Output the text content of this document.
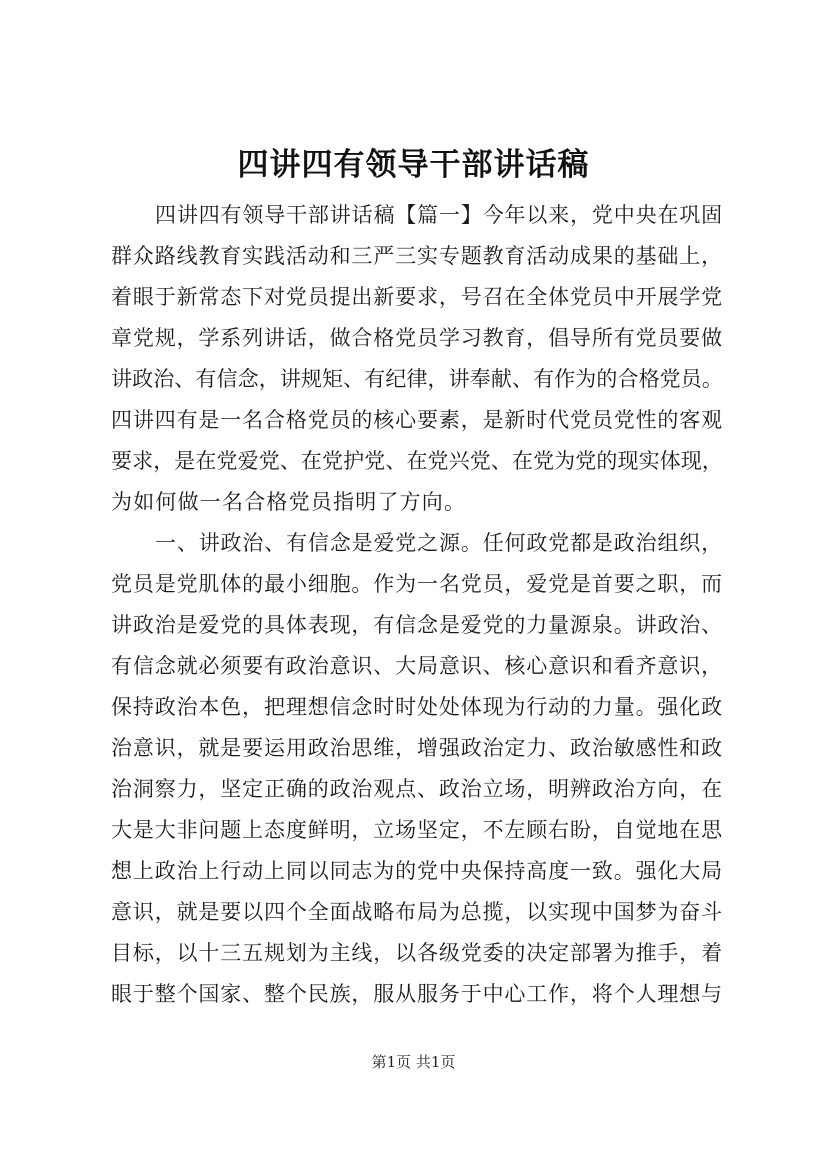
四讲四有领导干部讲话稿

四讲四有领导干部讲话稿【篇一】今年以来，党中央在巩固
群众路线教育实践活动和三严三实专题教育活动成果的基础上，
着眼于新常态下对党员提出新要求，号召在全体党员中开展学党
章党规，学系列讲话，做合格党员学习教育，倡导所有党员要做
讲政治、有信念，讲规矩、有纪律，讲奉献、有作为的合格党员。
四讲四有是一名合格党员的核心要素，是新时代党员党性的客观
要求，是在党爱党、在党护党、在党兴党、在党为党的现实体现，
为如何做一名合格党员指明了方向。

一、讲政治、有信念是爱党之源。任何政党都是政治组织，
党员是党肌体的最小细胞。作为一名党员，爱党是首要之职，而
讲政治是爱党的具体表现，有信念是爱党的力量源泉。讲政治、
有信念就必须要有政治意识、大局意识、核心意识和看齐意识，
保持政治本色，把理想信念时时处处体现为行动的力量。强化政
治意识，就是要运用政治思维，增强政治定力、政治敏感性和政
治洞察力，坚定正确的政治观点、政治立场，明辨政治方向，在
大是大非问题上态度鲜明，立场坚定，不左顾右盼，自觉地在思
想上政治上行动上同以同志为的党中央保持高度一致。强化大局
意识，就是要以四个全面战略布局为总揽，以实现中国梦为奋斗
目标，以十三五规划为主线，以各级党委的决定部署为推手，着
眼于整个国家、整个民族，服从服务于中心工作，将个人理想与

第1页 共1页
